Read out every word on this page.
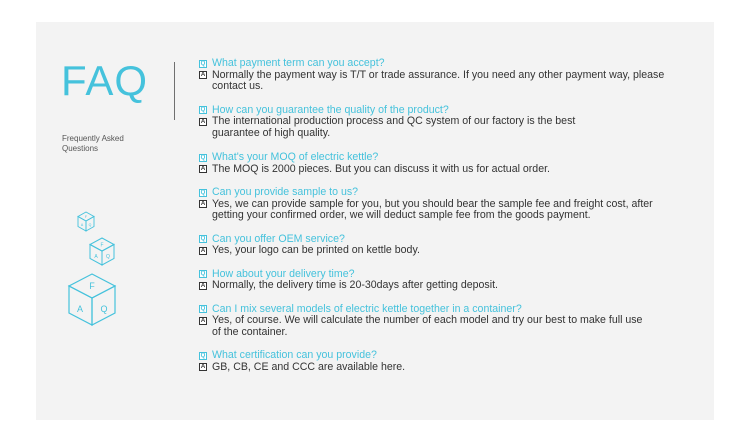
FAQ
Frequently Asked Questions
F
A Q
F
A Q
F
A Q
Q What payment term can you accept?
A Normally the payment way is T/T or trade assurance. If you need any other payment way, please contact us.
Q How can you guarantee the quality of the product?
A The international production process and QC system of our factory is the best guarantee of high quality.
Q What's your MOQ of electric kettle?
A The MOQ is 2000 pieces. But you can discuss it with us for actual order.
Q Can you provide sample to us?
A Yes, we can provide sample for you, but you should bear the sample fee and freight cost, after getting your confirmed order, we will deduct sample fee from the goods payment.
Q Can you offer OEM service?
A Yes, your logo can be printed on kettle body.
Q How about your delivery time?
A Normally, the delivery time is 20-30days after getting deposit.
Q Can I mix several models of electric kettle together in a container?
A Yes, of course. We will calculate the number of each model and try our best to make full use of the container.
Q What certification can you provide?
A GB, CB, CE and CCC are available here.
